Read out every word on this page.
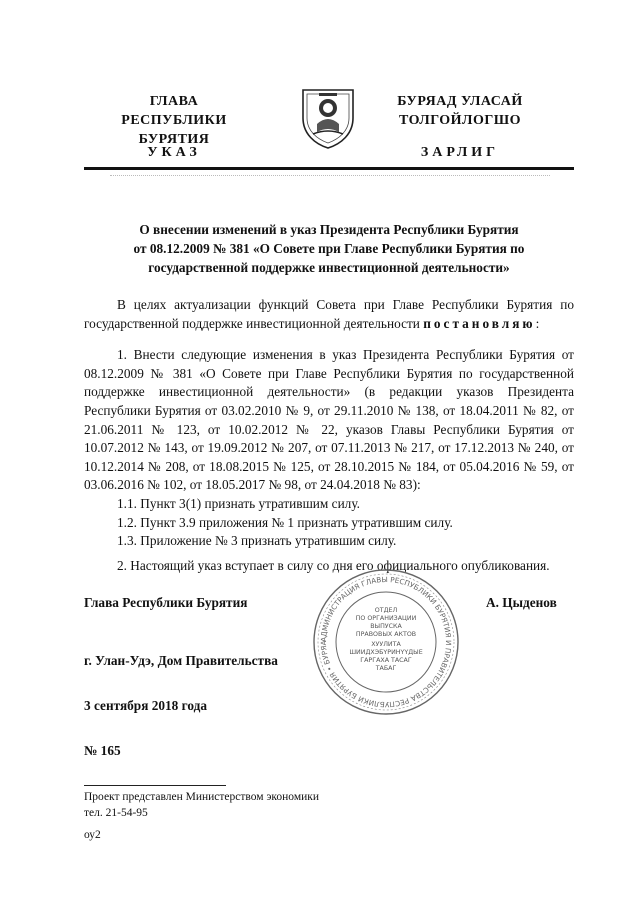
ГЛАВА
РЕСПУБЛИКИ БУРЯТИЯ
БУРЯАД УЛАСАЙ
ТОЛГОЙЛОГШО
УКАЗ	ЗАРЛИГ
О внесении изменений в указ Президента Республики Бурятия
от 08.12.2009 № 381 «О Совете при Главе Республики Бурятия по
государственной поддержке инвестиционной деятельности»

В целях актуализации функций Совета при Главе Республики Бурятия по государственной поддержке инвестиционной деятельности постановляю:

1. Внести следующие изменения в указ Президента Республики Бурятия от 08.12.2009 № 381 «О Совете при Главе Республики Бурятия по государственной поддержке инвестиционной деятельности» (в редакции указов Президента Республики Бурятия от 03.02.2010 № 9, от 29.11.2010 № 138, от 18.04.2011 № 82, от 21.06.2011 № 123, от 10.02.2012 № 22, указов Главы Республики Бурятия от 10.07.2012 № 143, от 19.09.2012 № 207, от 07.11.2013 № 217, от 17.12.2013 № 240, от 10.12.2014 № 208, от 18.08.2015 № 125, от 28.10.2015 № 184, от 05.04.2016 № 59, от 03.06.2016 № 102, от 18.05.2017 № 98, от 24.04.2018 № 83):

1.1. Пункт 3(1) признать утратившим силу.

1.2. Пункт 3.9 приложения № 1 признать утратившим силу.

1.3. Приложение № 3 признать утратившим силу.

2. Настоящий указ вступает в силу со дня его официального опубликования.

Глава Республики Бурятия	А. Цыденов
г. Улан-Удэ, Дом Правительства
3 сентября 2018 года
№ 165
АДМИНИСТРАЦИЯ ГЛАВЫ РЕСПУБЛИКИ БУРЯТИЯ И ПРАВИТЕЛЬСТВА РЕСПУБЛИКИ БУРЯТИЯ • БУРЯА
ОТДЕЛ
ПО ОРГАНИЗАЦИИ
ВЫПУСКА
ПРАВОВЫХ АКТОВ
ХУУЛИТА
ШИИДХЭБҮРИНҮҮДЫЕ
ГАРГАХА ТАСАГ
ТАБАГ
Проект представлен Министерством экономики
тел. 21-54-95
оу2
